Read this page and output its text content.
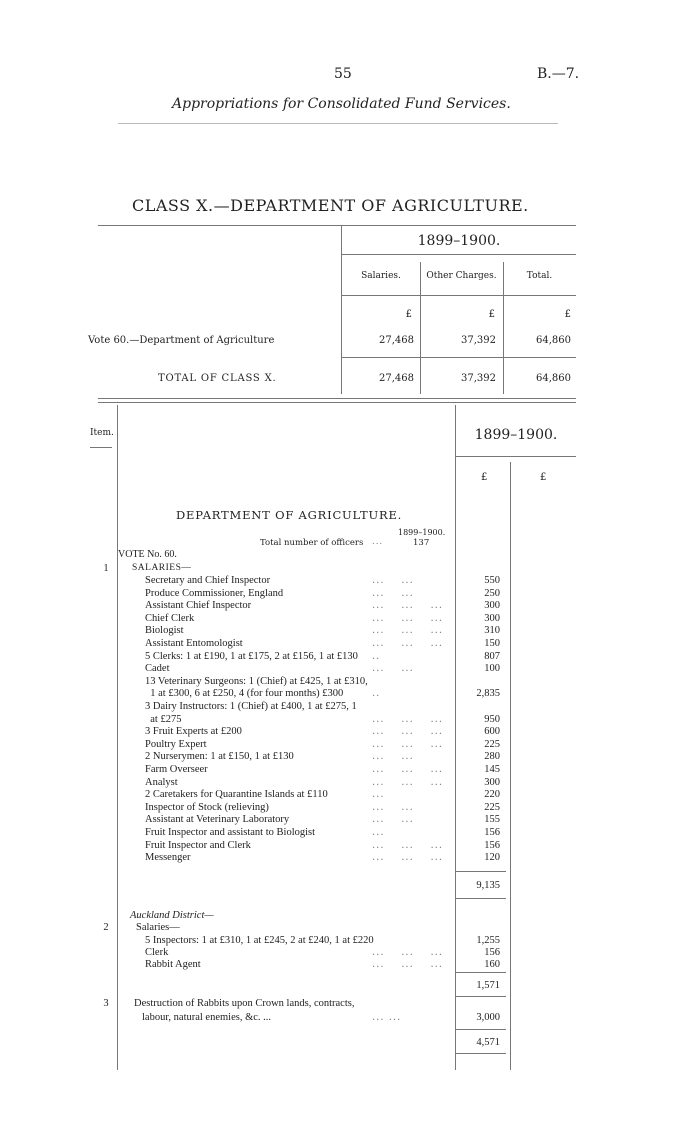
55	B.—7.
Appropriations for Consolidated Fund Services.
CLASS X.—DEPARTMENT OF AGRICULTURE.
1899–1900.
Salaries.	Other Charges.	Total.
£	£	£
Vote 60.—Department of Agriculture	27,468	37,392	64,860
TOTAL OF CLASS X.	27,468	37,392	64,860
Item.	1899–1900.
£	£
DEPARTMENT OF AGRICULTURE.
1899–1900.
Total number of officers ...	137
VOTE No. 60.
1	SALARIES—
Secretary and Chief Inspector	...    ...	550
Produce Commissioner, England	...    ...	250
Assistant Chief Inspector	...    ...    ...	300
Chief Clerk	...    ...    ...	300
Biologist	...    ...    ...	310
Assistant Entomologist	...    ...    ...	150
5 Clerks: 1 at £190, 1 at £175, 2 at £156, 1 at £130	..	807
Cadet	...    ...	100
13 Veterinary Surgeons: 1 (Chief) at £425, 1 at £310,
1 at £300, 6 at £250, 4 (for four months) £300	..	2,835
3 Dairy Instructors: 1 (Chief) at £400, 1 at £275, 1
at £275	...    ...    ...	950
3 Fruit Experts at £200	...    ...    ...	600
Poultry Expert	...    ...    ...	225
2 Nurserymen: 1 at £150, 1 at £130	...    ...	280
Farm Overseer	...    ...    ...	145
Analyst	...    ...    ...	300
2 Caretakers for Quarantine Islands at £110	...	220
Inspector of Stock (relieving)	...    ...	225
Assistant at Veterinary Laboratory	...    ...	155
Fruit Inspector and assistant to Biologist	...	156
Fruit Inspector and Clerk	...    ...    ...	156
Messenger	...    ...    ...	120
9,135
Auckland District—
2	Salaries—
5 Inspectors: 1 at £310, 1 at £245, 2 at £240, 1 at £220	1,255
Clerk	...    ...    ...	156
Rabbit Agent	...    ...    ...	160
1,571
3	Destruction of Rabbits upon Crown lands, contracts,
labour, natural enemies, &c. ...	... ...	3,000
4,571
